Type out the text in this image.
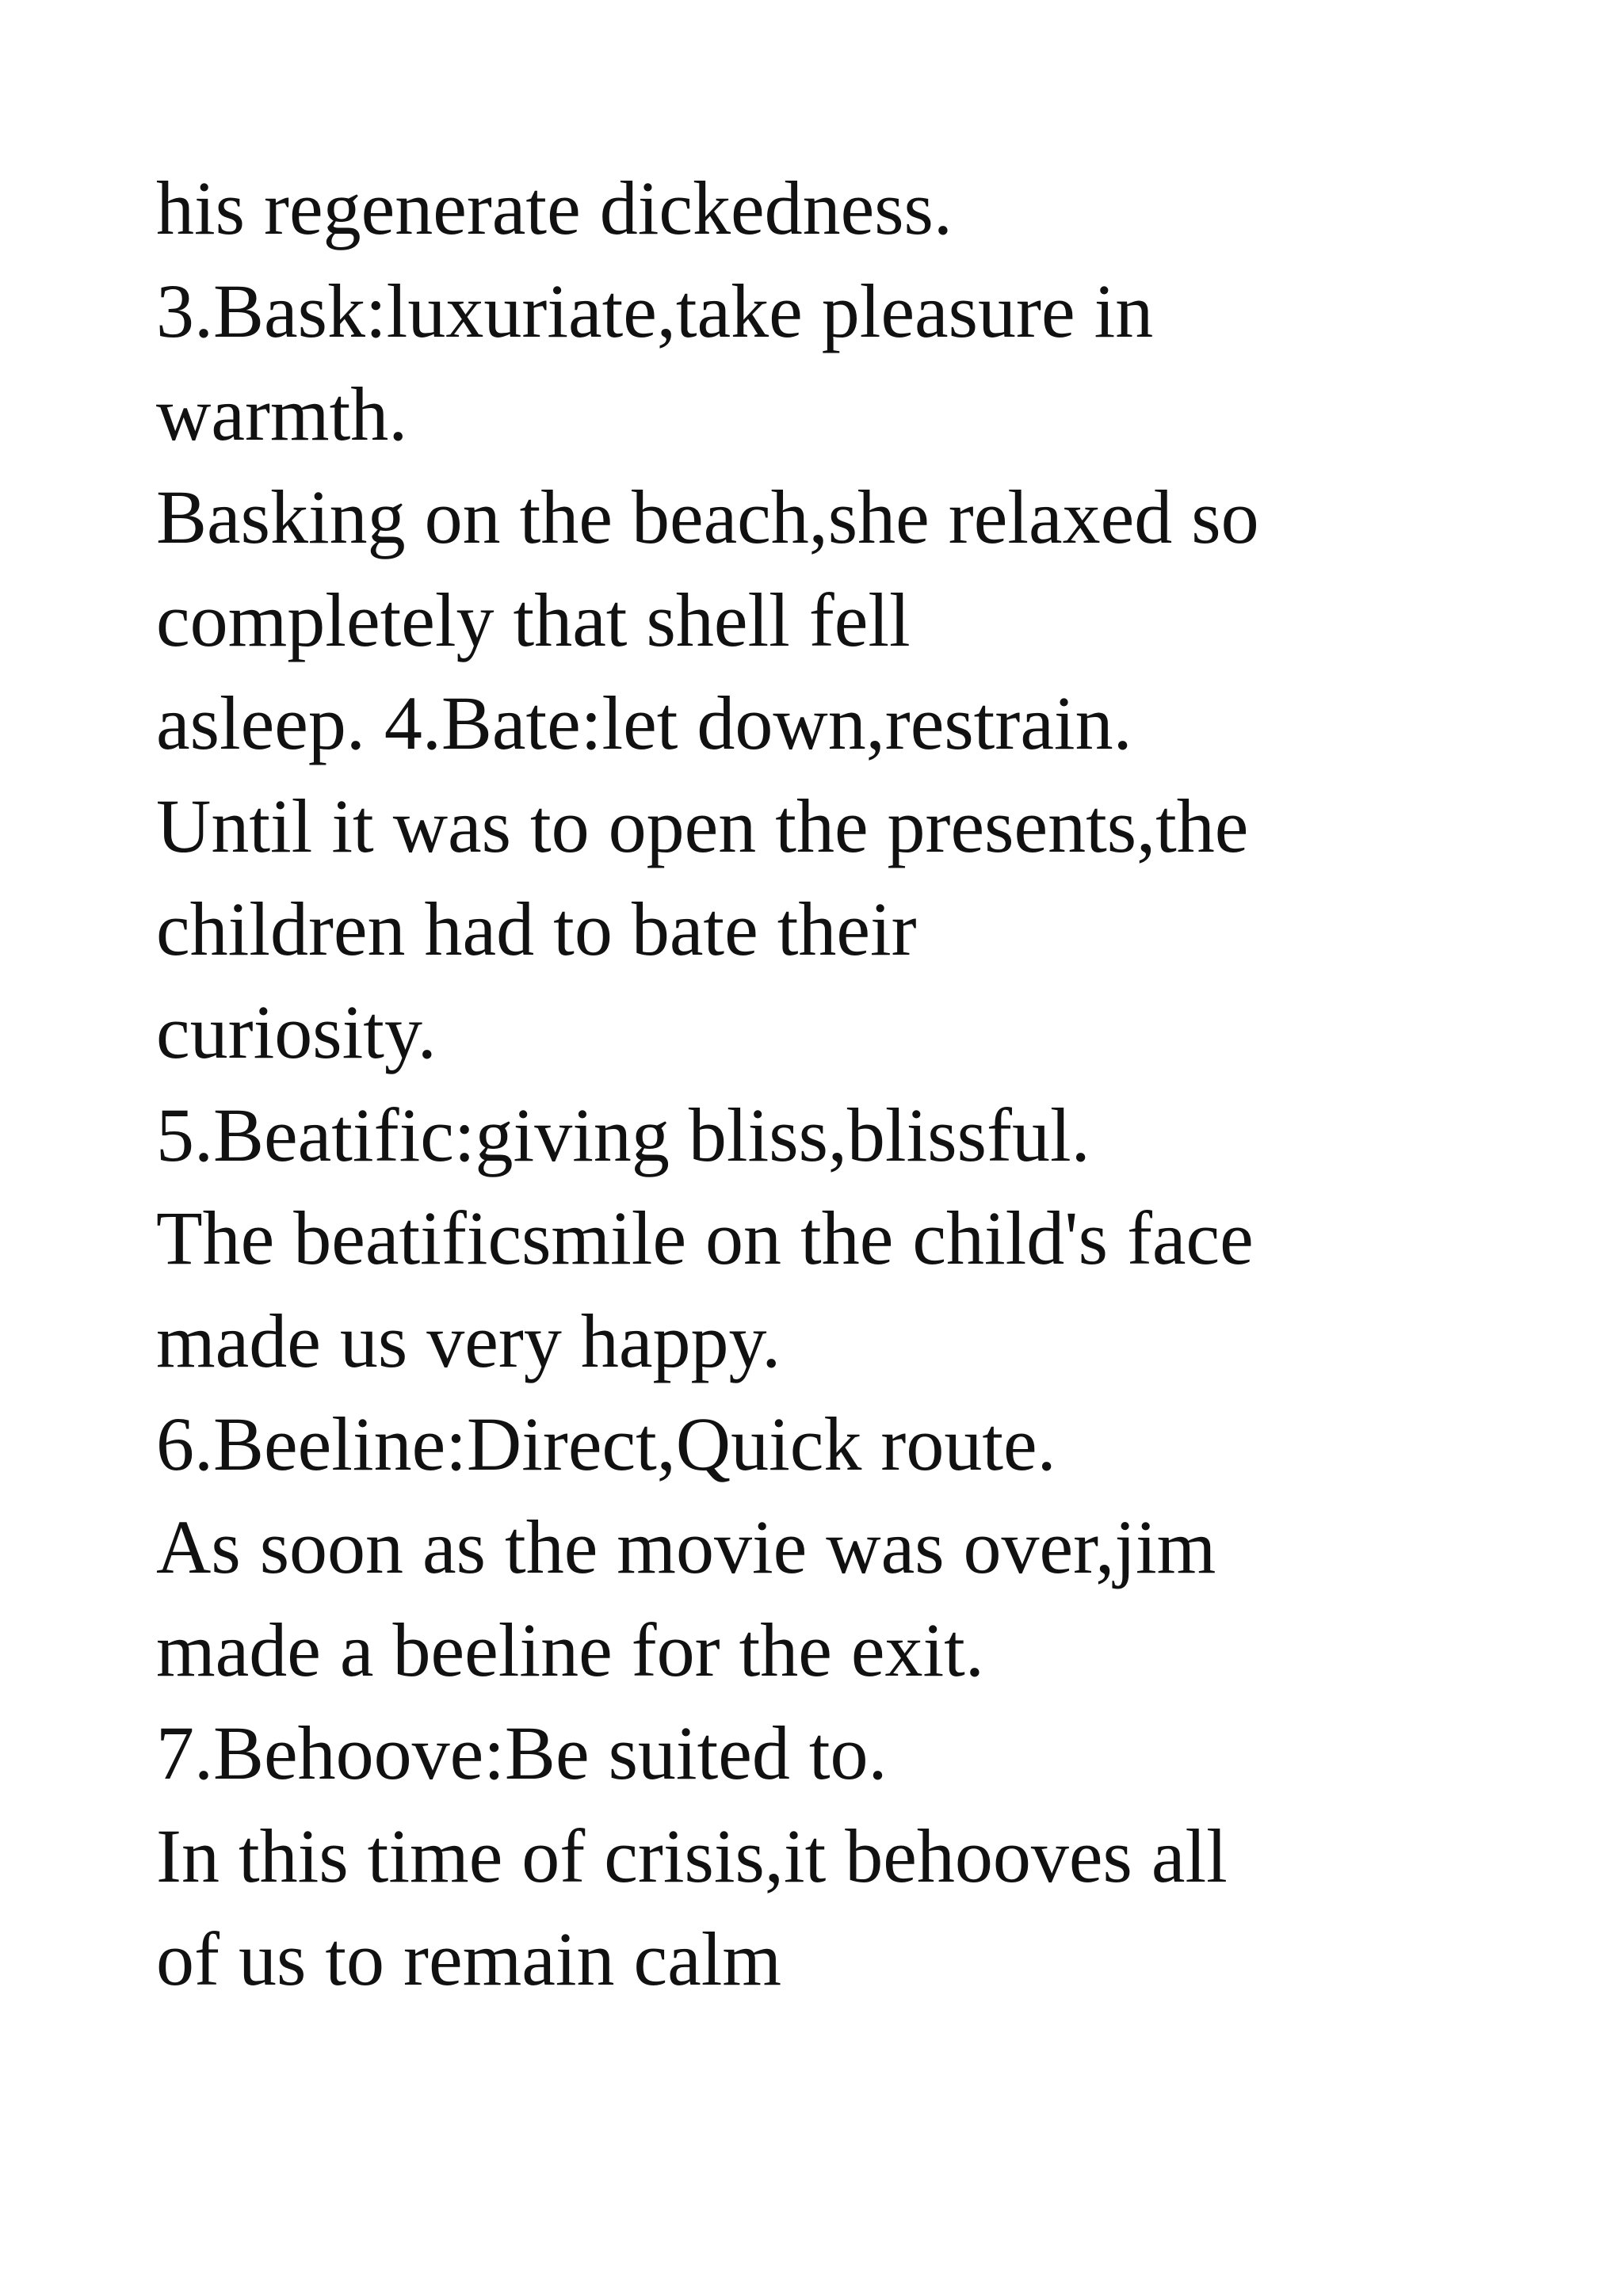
his regenerate dickedness.
3.Bask:luxuriate,take pleasure in
warmth.
Basking on the beach,she relaxed so
completely that shell fell
asleep. 4.Bate:let down,restrain.
Until it was to open the presents,the
children had to bate their
curiosity.
5.Beatific:giving bliss,blissful.
The beatificsmile on the child's face
made us very happy.
6.Beeline:Direct,Quick route.
As soon as the movie was over,jim
made a beeline for the exit.
7.Behoove:Be suited to.
In this time of crisis,it behooves all
of us to remain calm
